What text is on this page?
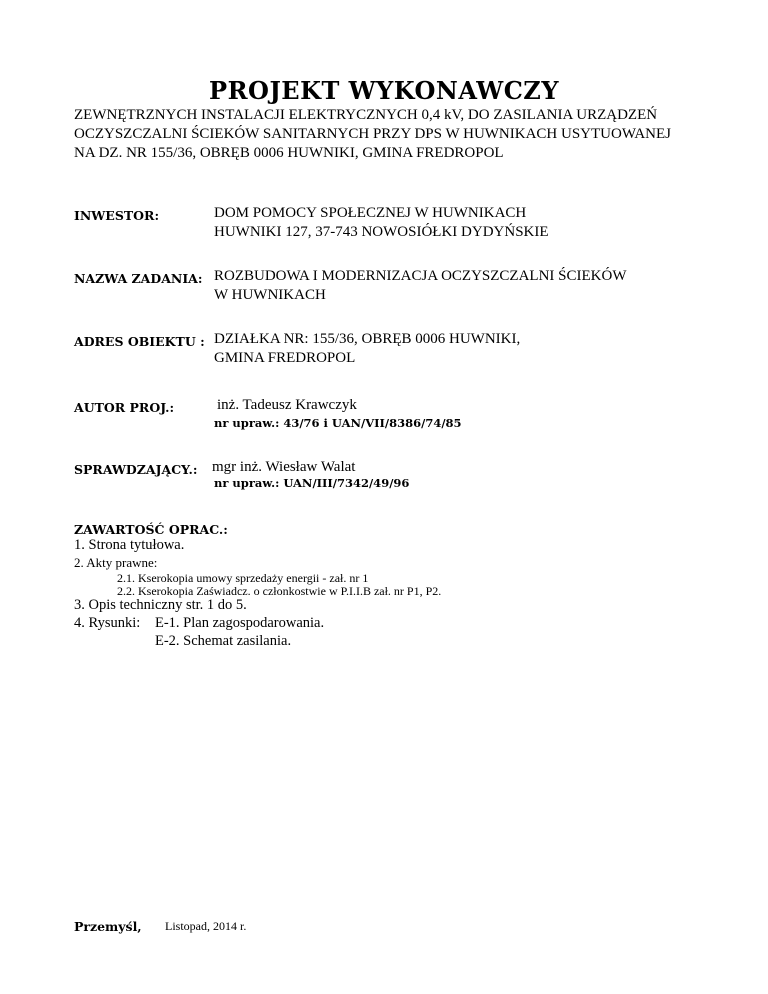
PROJEKT WYKONAWCZY
ZEWNĘTRZNYCH INSTALACJI ELEKTRYCZNYCH 0,4 kV, DO ZASILANIA URZĄDZEŃ
OCZYSZCZALNI ŚCIEKÓW SANITARNYCH PRZY DPS W HUWNIKACH USYTUOWANEJ
NA DZ. NR 155/36, OBRĘB 0006 HUWNIKI, GMINA FREDROPOL
INWESTOR:	DOM POMOCY SPOŁECZNEJ W HUWNIKACH
HUWNIKI 127, 37-743 NOWOSIÓŁKI DYDYŃSKIE
NAZWA ZADANIA: ROZBUDOWA I MODERNIZACJA OCZYSZCZALNI ŚCIEKÓW
W HUWNIKACH
ADRES OBIEKTU : DZIAŁKA NR: 155/36, OBRĘB 0006 HUWNIKI,
GMINA FREDROPOL
AUTOR PROJ.:	inż. Tadeusz Krawczyk
nr upraw.: 43/76 i UAN/VII/8386/74/85
SPRAWDZAJĄCY.: mgr inż. Wiesław Walat
nr upraw.: UAN/III/7342/49/96
ZAWARTOŚĆ OPRAC.:
1. Strona tytułowa.
2. Akty prawne:
2.1. Kserokopia umowy sprzedaży energii - zał. nr 1
2.2. Kserokopia Zaświadcz. o członkostwie w P.I.I.B zał. nr P1, P2.
3. Opis techniczny str. 1 do 5.
4. Rysunki: E-1. Plan zagospodarowania.
E-2. Schemat zasilania.
Przemyśl, Listopad, 2014 r.
